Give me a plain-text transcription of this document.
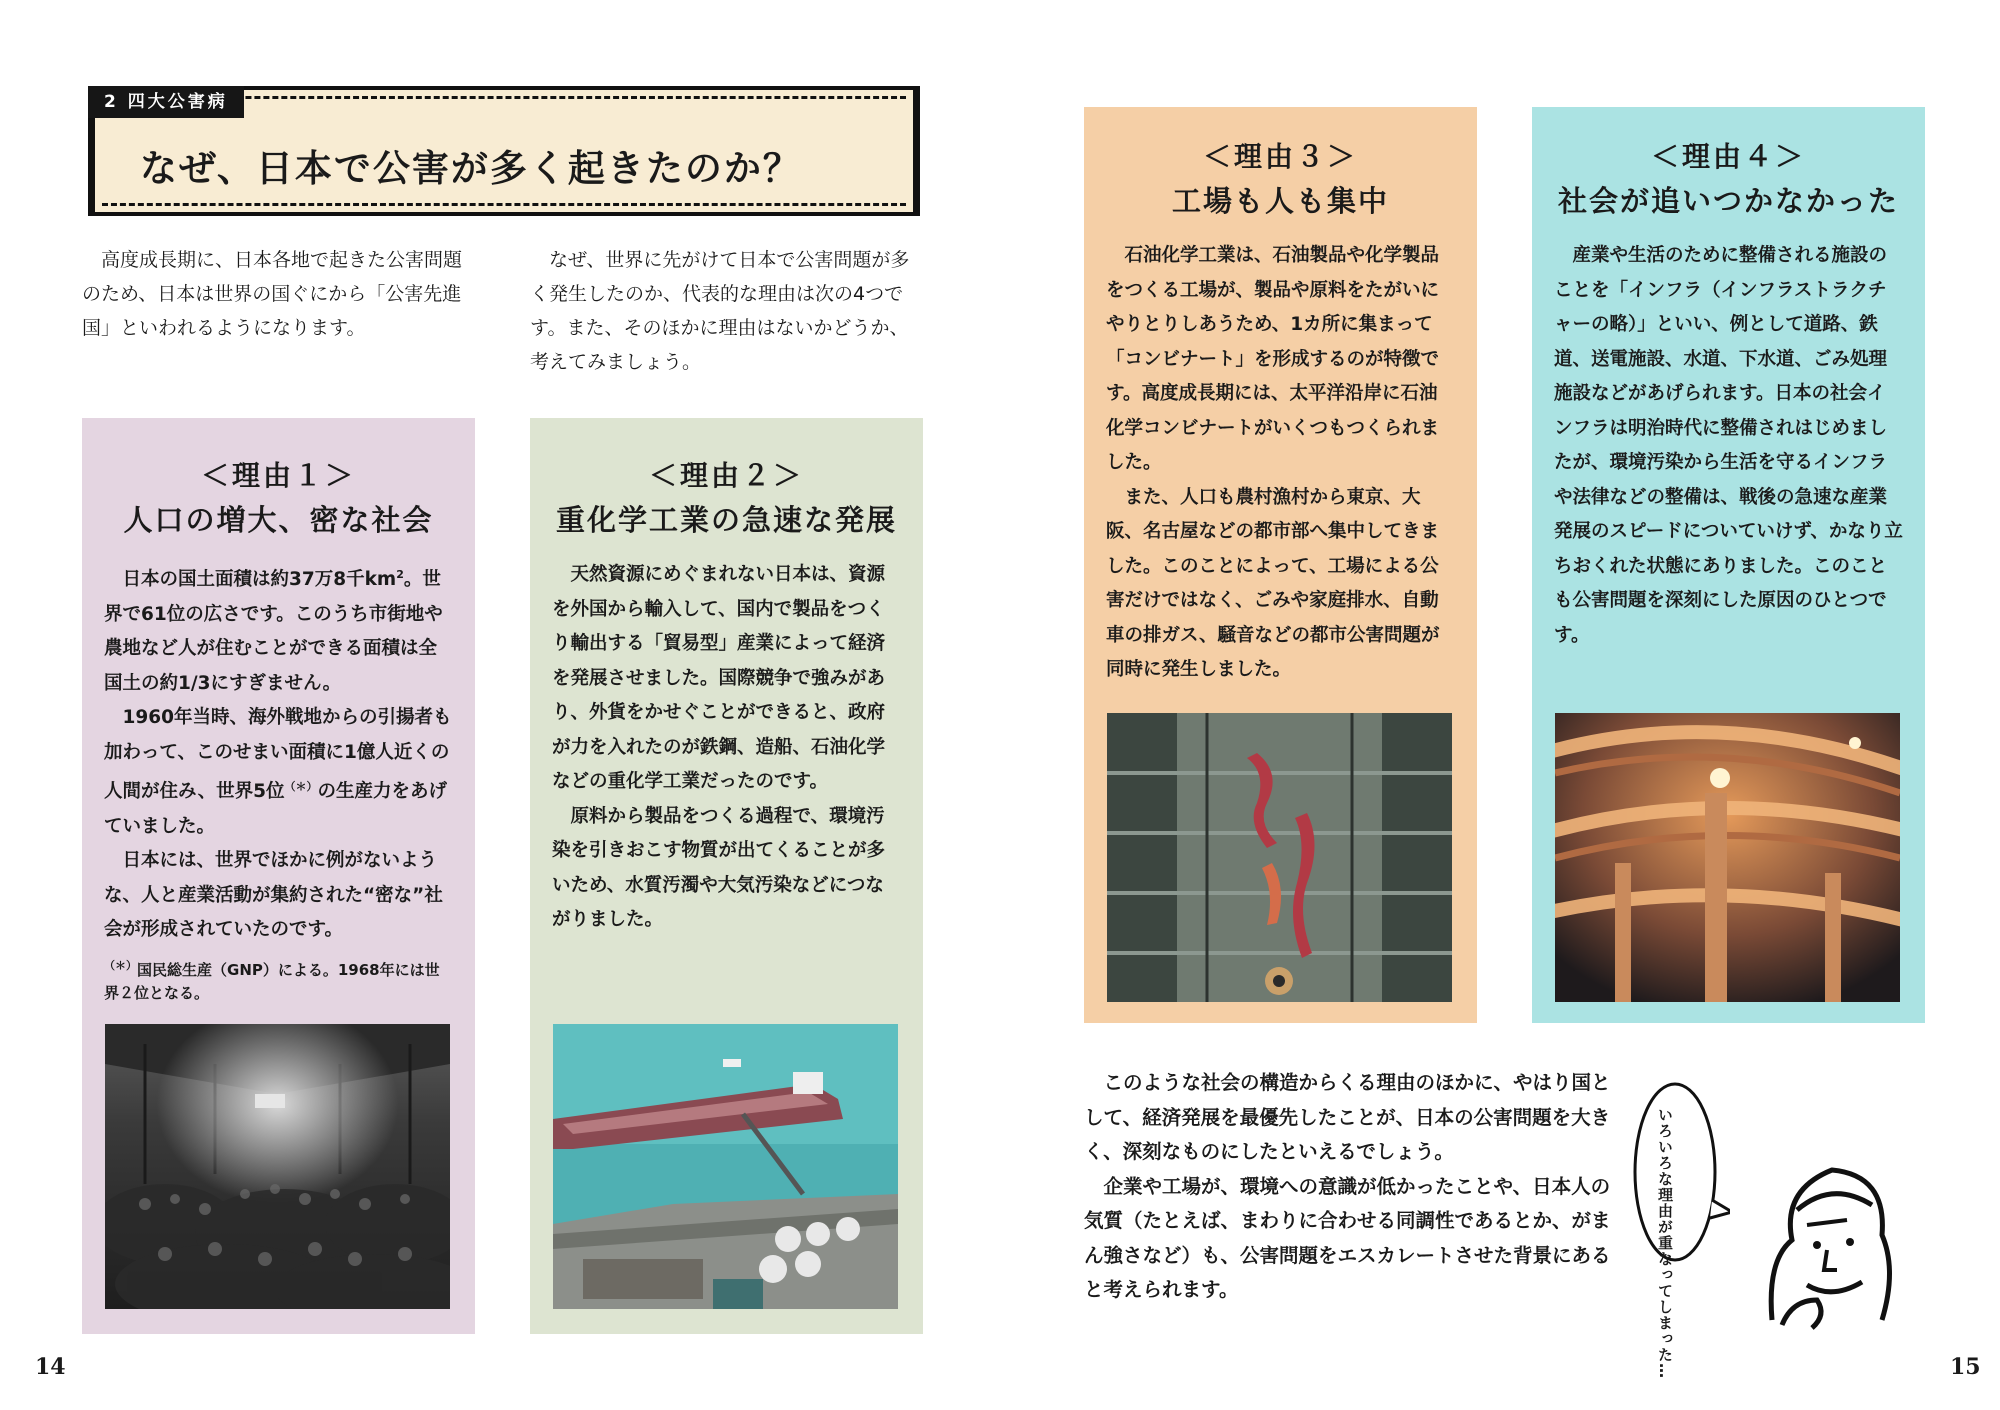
2 四大公害病
なぜ、日本で公害が多く起きたのか？

高度成長期に、日本各地で起きた公害問題のため、日本は世界の国ぐにから「公害先進国」といわれるようになります。

なぜ、世界に先がけて日本で公害問題が多く発生したのか、代表的な理由は次の4つです。また、そのほかに理由はないかどうか、考えてみましょう。

＜理由１＞
人口の増大、密な社会

日本の国土面積は約37万8千$km^2$。世界で61位の広さです。このうち市街地や農地など人が住むことができる面積は全国土の約1/3にすぎません。

1960年当時、海外戦地からの引揚者も加わって、このせまい面積に1億人近くの人間が住み、世界5位（＊）の生産力をあげていました。

日本には、世界でほかに例がないような、人と産業活動が集約された“密な”社会が形成されていたのです。

（＊）国民総生産（GNP）による。1968年には世界２位となる。

＜理由２＞
重化学工業の急速な発展

天然資源にめぐまれない日本は、資源を外国から輸入して、国内で製品をつくり輸出する「貿易型」産業によって経済を発展させました。国際競争で強みがあり、外貨をかせぐことができると、政府が力を入れたのが鉄鋼、造船、石油化学などの重化学工業だったのです。

原料から製品をつくる過程で、環境汚染を引きおこす物質が出てくることが多いため、水質汚濁や大気汚染などにつながりました。

＜理由３＞
工場も人も集中

石油化学工業は、石油製品や化学製品をつくる工場が、製品や原料をたがいにやりとりしあうため、1カ所に集まって「コンビナート」を形成するのが特徴です。高度成長期には、太平洋沿岸に石油化学コンビナートがいくつもつくられました。

また、人口も農村漁村から東京、大阪、名古屋などの都市部へ集中してきました。このことによって、工場による公害だけではなく、ごみや家庭排水、自動車の排ガス、騒音などの都市公害問題が同時に発生しました。

＜理由４＞
社会が追いつかなかった

産業や生活のために整備される施設のことを「インフラ（インフラストラクチャーの略）」といい、例として道路、鉄道、送電施設、水道、下水道、ごみ処理施設などがあげられます。日本の社会インフラは明治時代に整備されはじめましたが、環境汚染から生活を守るインフラや法律などの整備は、戦後の急速な産業発展のスピードについていけず、かなり立ちおくれた状態にありました。このことも公害問題を深刻にした原因のひとつです。

このような社会の構造からくる理由のほかに、やはり国として、経済発展を最優先したことが、日本の公害問題を大きく、深刻なものにしたといえるでしょう。

企業や工場が、環境への意識が低かったことや、日本人の気質（たとえば、まわりに合わせる同調性であるとか、がまん強さなど）も、公害問題をエスカレートさせた背景にあると考えられます。	いろいろな理由が重なってしまった…
14	15
